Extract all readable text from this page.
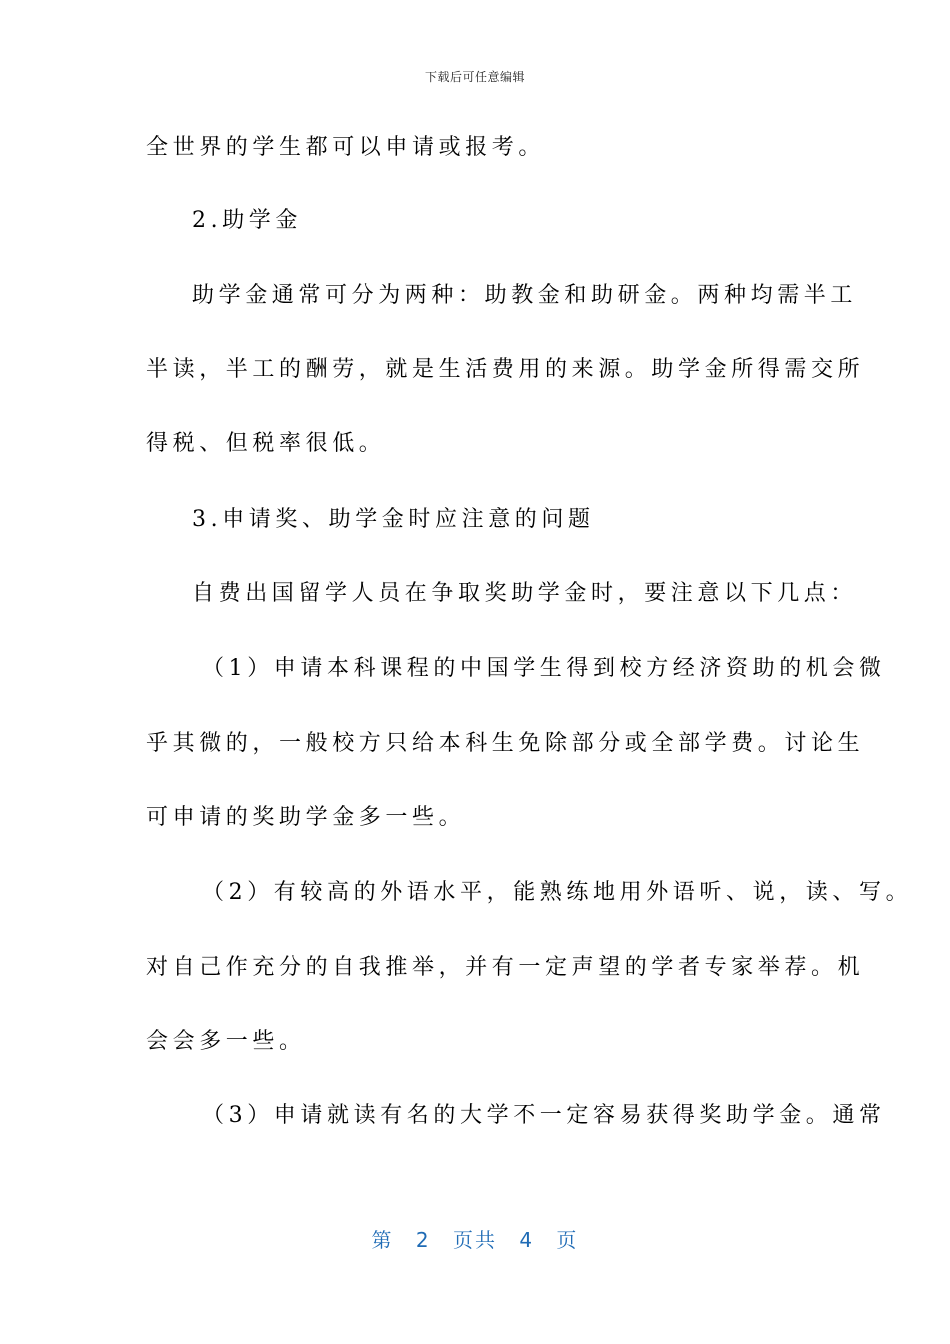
下载后可任意编辑
全世界的学生都可以申请或报考。
2.助学金
助学金通常可分为两种：助教金和助研金。两种均需半工
半读，半工的酬劳，就是生活费用的来源。助学金所得需交所
得税、但税率很低。
3.申请奖、助学金时应注意的问题
自费出国留学人员在争取奖助学金时，要注意以下几点：
（1）申请本科课程的中国学生得到校方经济资助的机会微
乎其微的，一般校方只给本科生免除部分或全部学费。讨论生
可申请的奖助学金多一些。
（2）有较高的外语水平，能熟练地用外语听、说，读、写。
对自己作充分的自我推举，并有一定声望的学者专家举荐。机
会会多一些。
（3）申请就读有名的大学不一定容易获得奖助学金。通常
第 2 页共 4 页
